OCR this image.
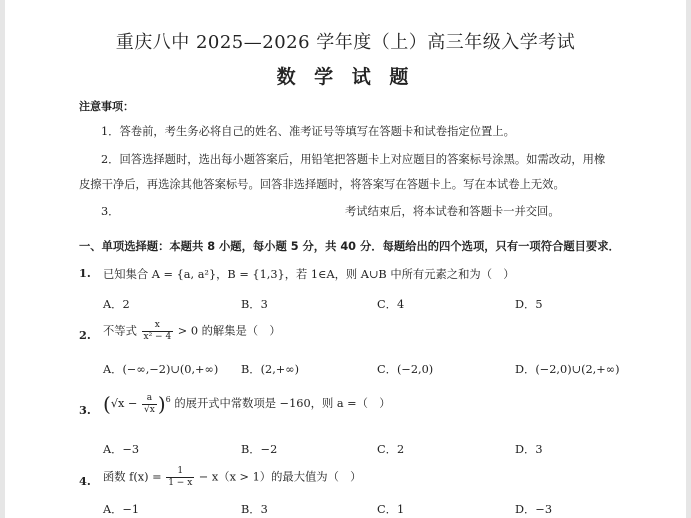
重庆八中 2025—2026 学年度（上）高三年级入学考试
数 学 试 题
注意事项：
1．答卷前，考生务必将自己的姓名、准考证号等填写在答题卡和试卷指定位置上。
2．回答选择题时，选出每小题答案后，用铅笔把答题卡上对应题目的答案标号涂黑。如需改动，用橡
皮擦干净后，再选涂其他答案标号。回答非选择题时，将答案写在答题卡上。写在本试卷上无效。
3．	考试结束后，将本试卷和答题卡一并交回。
一、单项选择题：本题共 8 小题，每小题 5 分，共 40 分．每题给出的四个选项，只有一项符合题目要求．
1. 已知集合 A = {a, a²}，B = {1,3}，若 1∈A，则 A∪B 中所有元素之和为（　）
A．2	B．3	C．4	D．5
2. 不等式 $\frac{x}{\text{x² − 4}} > 0$ 的解集是（　）
A．(−∞,−2)∪(0,+∞) B．(2,+∞)	C．(−2,0)	D．(−2,0)∪(2,+∞)
3. $(√x - \frac{a}{√x} )^6$ 的展开式中常数项是 −160，则 a =（　）
A．−3	B．−2	C．2	D．3
4. 函数 $f(x) = \frac{1}{1 - x} - x(x > 1)$的最大值为（　）
A．−1	B．3	C．1	D．−3
